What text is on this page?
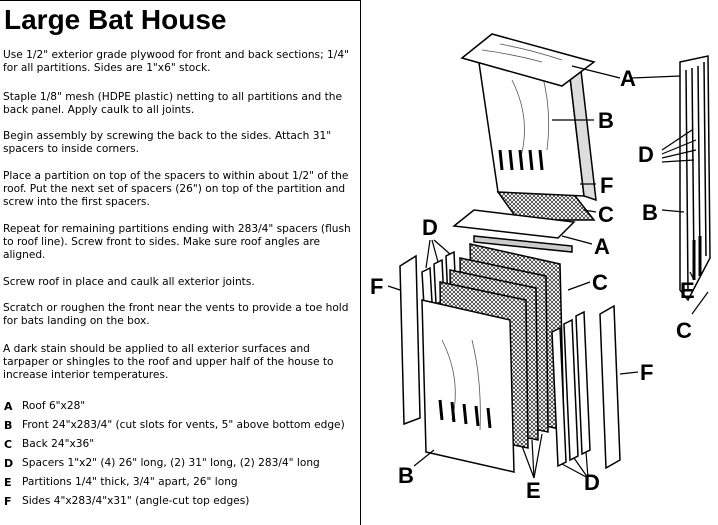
Large Bat House

Use 1/2" exterior grade plywood for front and back sections; 1/4" for all partitions. Sides are 1"x6" stock.

Staple 1/8" mesh (HDPE plastic) netting to all partitions and the back panel. Apply caulk to all joints.

Begin assembly by screwing the back to the sides. Attach 31" spacers to inside corners.

Place a partition on top of the spacers to within about 1/2" of the roof. Put the next set of spacers (26") on top of the partition and screw into the first spacers.

Repeat for remaining partitions ending with 283/4" spacers (flush to roof line). Screw front to sides. Make sure roof angles are aligned.

Screw roof in place and caulk all exterior joints.

Scratch or roughen the front near the vents to provide a toe hold for bats landing on the box.

A dark stain should be applied to all exterior surfaces and tarpaper or shingles to the roof and upper half of the house to increase interior temperatures.

A Roof 6"x28"
B Front 24"x283/4" (cut slots for vents, 5" above bottom edge)
C Back 24"x36"
D Spacers 1"x2" (4) 26" long, (2) 31" long, (2) 283/4" long
E Partitions 1/4" thick, 3/4" apart, 26" long
F Sides 4"x283/4"x31" (angle-cut top edges)
A
B
F
C
A
D
B
E
C
D
F	C
F
B
E D
